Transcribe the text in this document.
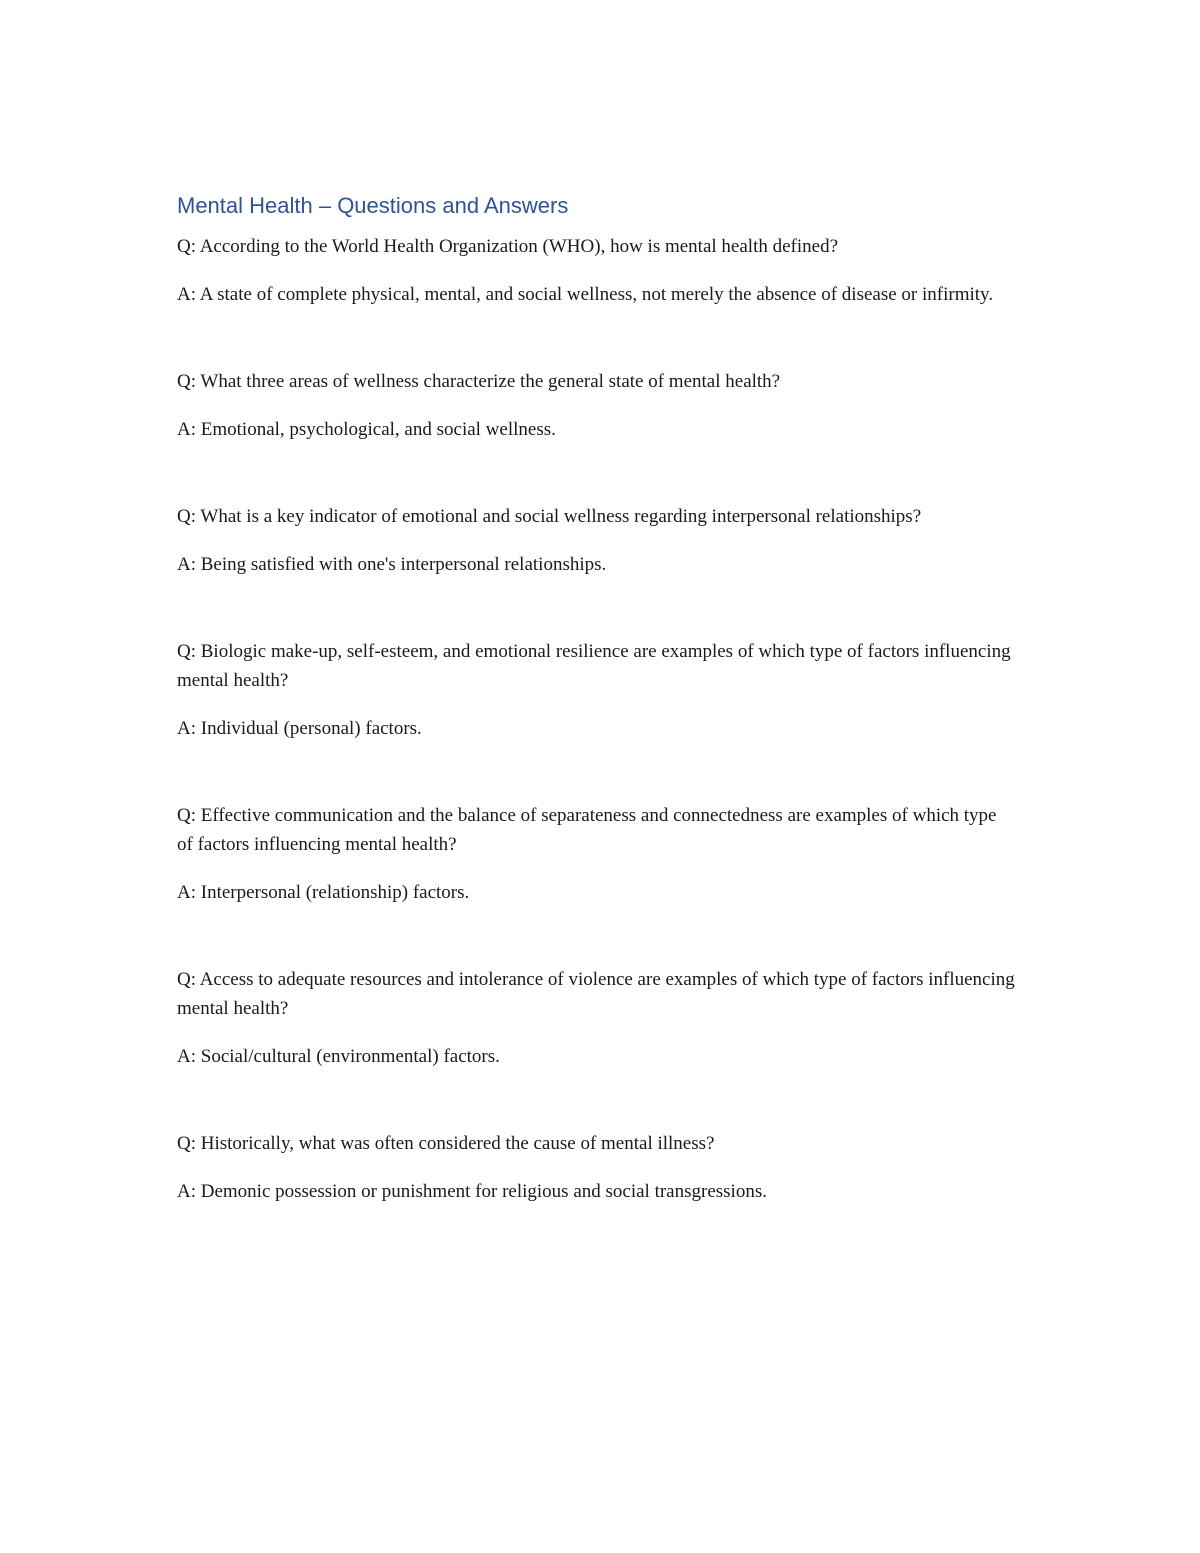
Mental Health – Questions and Answers

Q: According to the World Health Organization (WHO), how is mental health defined?

A: A state of complete physical, mental, and social wellness, not merely the absence of disease or infirmity.

Q: What three areas of wellness characterize the general state of mental health?

A: Emotional, psychological, and social wellness.

Q: What is a key indicator of emotional and social wellness regarding interpersonal relationships?

A: Being satisfied with one's interpersonal relationships.

Q: Biologic make-up, self-esteem, and emotional resilience are examples of which type of factors influencing mental health?

A: Individual (personal) factors.

Q: Effective communication and the balance of separateness and connectedness are examples of which type of factors influencing mental health?

A: Interpersonal (relationship) factors.

Q: Access to adequate resources and intolerance of violence are examples of which type of factors influencing mental health?

A: Social/cultural (environmental) factors.

Q: Historically, what was often considered the cause of mental illness?

A: Demonic possession or punishment for religious and social transgressions.
